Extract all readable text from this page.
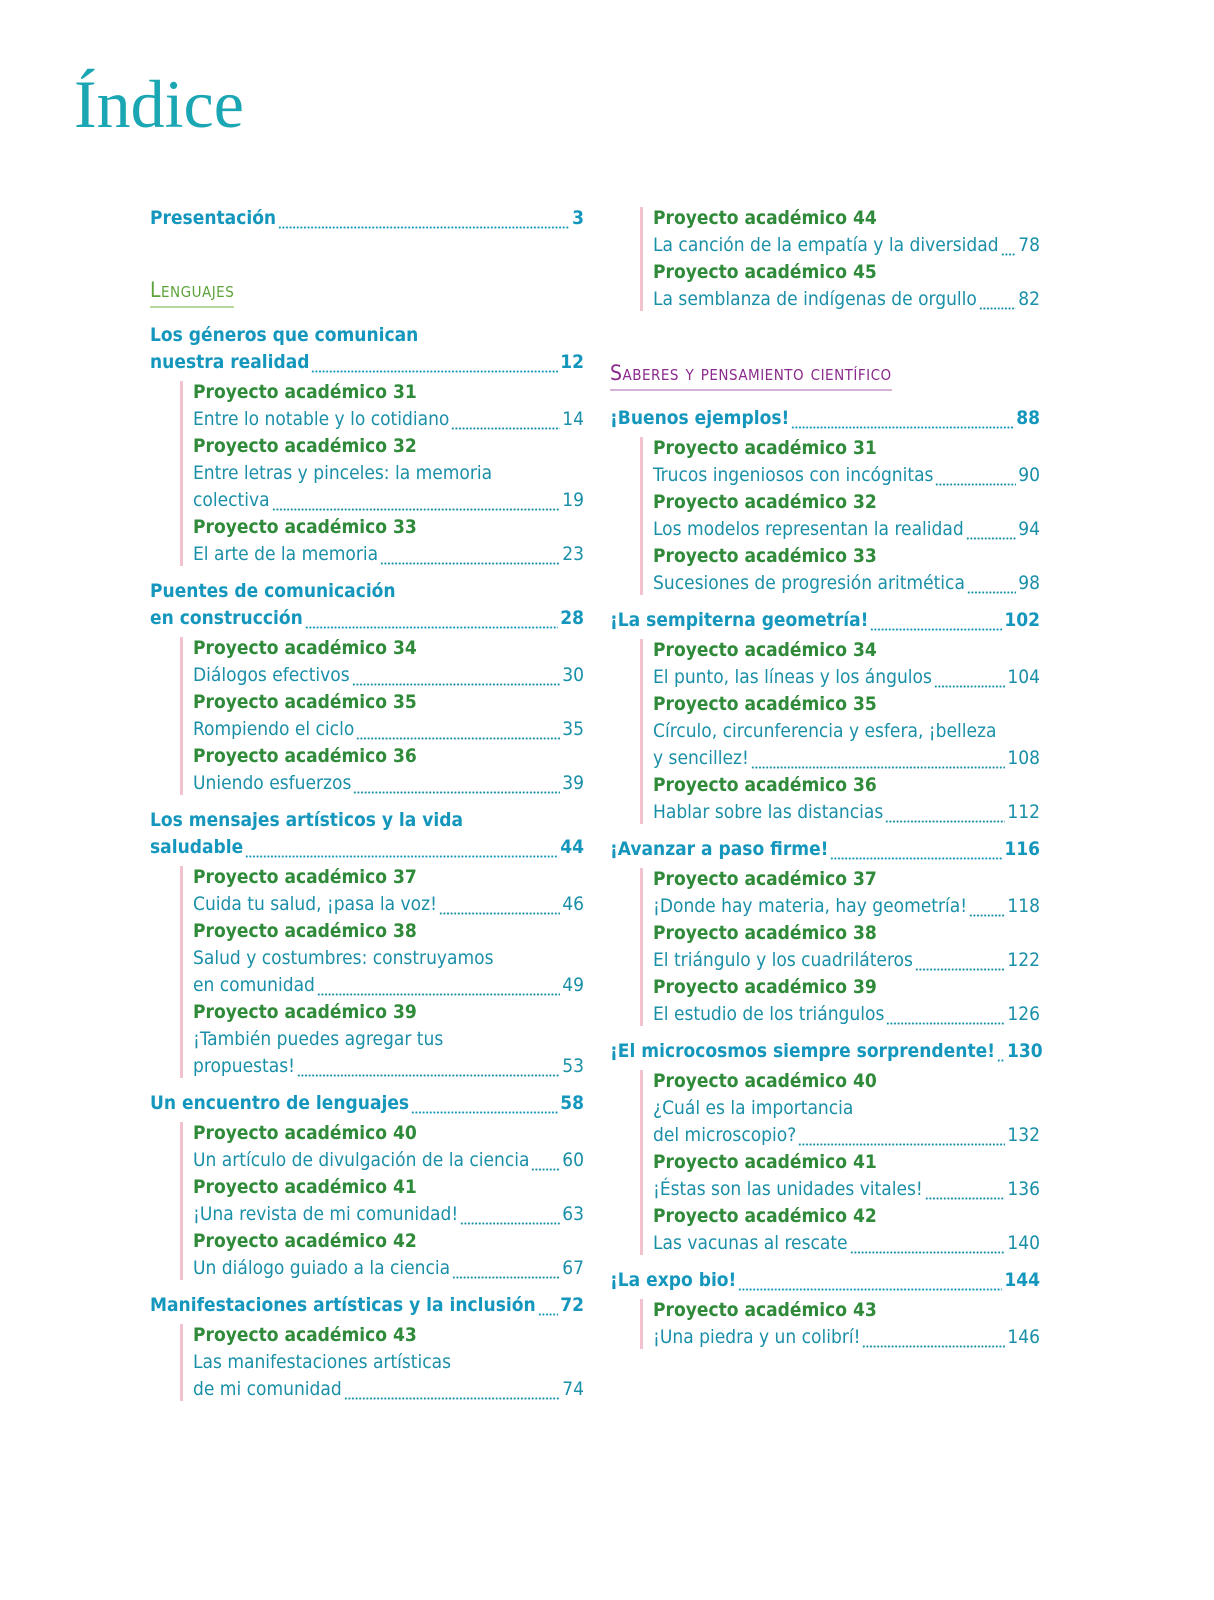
Índice
Presentación	3
Lenguajes
Los géneros que comunican
nuestra realidad	12
Proyecto académico 31
Entre lo notable y lo cotidiano	14
Proyecto académico 32
Entre letras y pinceles: la memoria
colectiva	19
Proyecto académico 33
El arte de la memoria	23
Puentes de comunicación
en construcción	28
Proyecto académico 34
Diálogos efectivos	30
Proyecto académico 35
Rompiendo el ciclo	35
Proyecto académico 36
Uniendo esfuerzos	39
Los mensajes artísticos y la vida
saludable	44
Proyecto académico 37
Cuida tu salud, ¡pasa la voz!	46
Proyecto académico 38
Salud y costumbres: construyamos
en comunidad	49
Proyecto académico 39
¡También puedes agregar tus
propuestas!	53
Un encuentro de lenguajes	58
Proyecto académico 40
Un artículo de divulgación de la ciencia 60
Proyecto académico 41
¡Una revista de mi comunidad!	63
Proyecto académico 42
Un diálogo guiado a la ciencia	67
Manifestaciones artísticas y la inclusión 72
Proyecto académico 43
Las manifestaciones artísticas
de mi comunidad	74
Proyecto académico 44
La canción de la empatía y la diversidad 78
Proyecto académico 45
La semblanza de indígenas de orgullo 82
Saberes y pensamiento científico
¡Buenos ejemplos!	88
Proyecto académico 31
Trucos ingeniosos con incógnitas	90
Proyecto académico 32
Los modelos representan la realidad	94
Proyecto académico 33
Sucesiones de progresión aritmética	98
¡La sempiterna geometría!	102
Proyecto académico 34
El punto, las líneas y los ángulos	104
Proyecto académico 35
Círculo, circunferencia y esfera, ¡belleza
y sencillez!	108
Proyecto académico 36
Hablar sobre las distancias	112
¡Avanzar a paso firme!	116
Proyecto académico 37
¡Donde hay materia, hay geometría! 118
Proyecto académico 38
El triángulo y los cuadriláteros	122
Proyecto académico 39
El estudio de los triángulos	126
¡El microcosmos siempre sorprendente! 130
Proyecto académico 40
¿Cuál es la importancia
del microscopio?	132
Proyecto académico 41
¡Éstas son las unidades vitales!	136
Proyecto académico 42
Las vacunas al rescate	140
¡La expo bio!	144
Proyecto académico 43
¡Una piedra y un colibrí!	146
